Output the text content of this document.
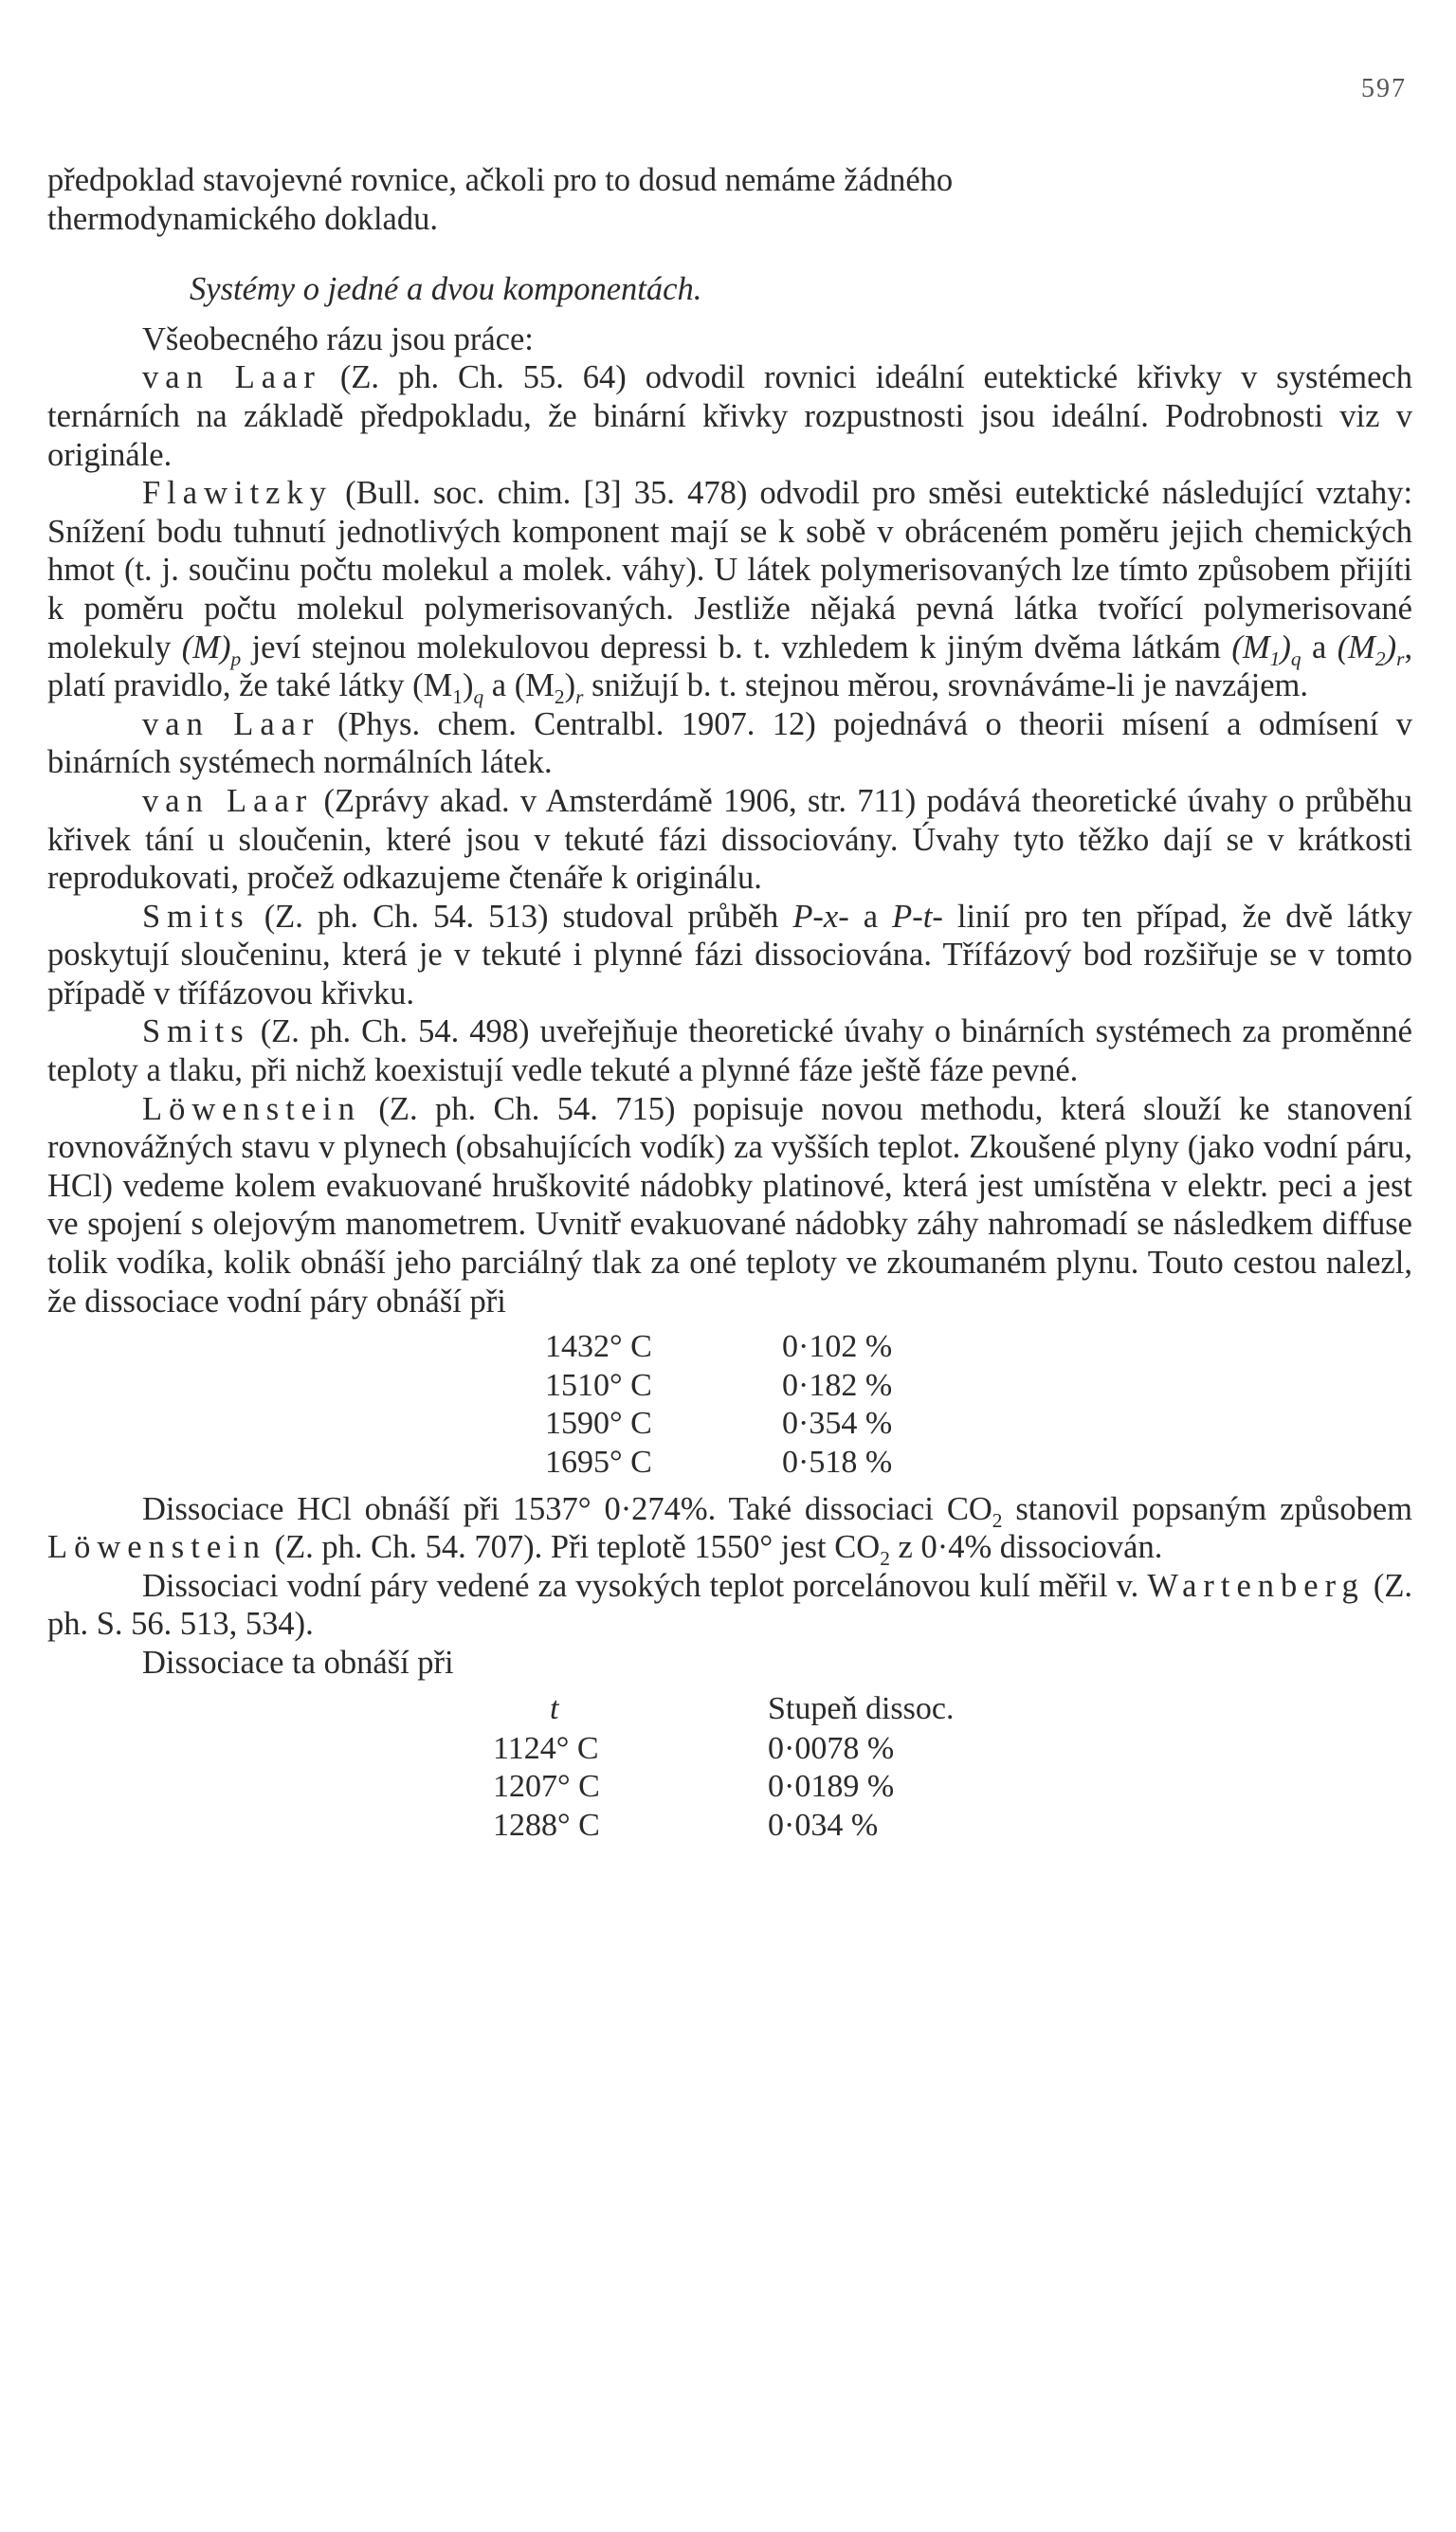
597

předpoklad stavojevné rovnice, ačkoli pro to dosud nemáme žádného

thermodynamického dokladu.

Systémy o jedné a dvou komponentách.

Všeobecného rázu jsou práce:

van Laar (Z. ph. Ch. 55. 64) odvodil rovnici ideální eutektické křivky v systémech ternárních na základě předpokladu, že binární křivky rozpustnosti jsou ideální. Podrobnosti viz v originále.

Flawitzky (Bull. soc. chim. [3] 35. 478) odvodil pro směsi eutektické následující vztahy: Snížení bodu tuhnutí jednotlivých komponent mají se k sobě v obráceném poměru jejich chemických hmot (t. j. součinu počtu molekul a molek. váhy). U látek polymerisovaných lze tímto způsobem přijíti k poměru počtu molekul polymerisovaných. Jestliže nějaká pevná látka tvořící polymerisované molekuly $(M)_p$ jeví stejnou molekulovou depressi b. t. vzhledem k jiným dvěma látkám $(M_1)_q$ a $(M_2)_r$, platí pravidlo, že také látky $(M_1)_q$ a $(M_2)_r$ snižují b. t. stejnou měrou, srovnáváme-li je navzájem.

van Laar (Phys. chem. Centralbl. 1907. 12) pojednává o theorii mísení a odmísení v binárních systémech normálních látek.

van Laar (Zprávy akad. v Amsterdámě 1906, str. 711) podává theoretické úvahy o průběhu křivek tání u sloučenin, které jsou v tekuté fázi dissociovány. Úvahy tyto těžko dají se v krátkosti reprodukovati, pročež odkazujeme čtenáře k originálu.

Smits (Z. ph. Ch. 54. 513) studoval průběh P-x- a P-t- linií pro ten případ, že dvě látky poskytují sloučeninu, která je v tekuté i plynné fázi dissociována. Třífázový bod rozšiřuje se v tomto případě v třífázovou křivku.

Smits (Z. ph. Ch. 54. 498) uveřejňuje theoretické úvahy o binárních systémech za proměnné teploty a tlaku, při nichž koexistují vedle tekuté a plynné fáze ještě fáze pevné.

Löwenstein (Z. ph. Ch. 54. 715) popisuje novou methodu, která slouží ke stanovení rovnovážných stavu v plynech (obsahujících vodík) za vyšších teplot. Zkoušené plyny (jako vodní páru, HCl) vedeme kolem evakuované hruškovité nádobky platinové, která jest umístěna v elektr. peci a jest ve spojení s olejovým manometrem. Uvnitř evakuované nádobky záhy nahromadí se následkem diffuse tolik vodíka, kolik obnáší jeho parciálný tlak za oné teploty ve zkoumaném plynu. Touto cestou nalezl, že dissociace vodní páry obnáší při

1432° C	0·102 %
1510° C	0·182 %
1590° C	0·354 %
1695° C	0·518 %

Dissociace HCl obnáší při 1537° 0·274%. Také dissociaci $CO_2$ stanovil popsaným způsobem Löwenstein (Z. ph. Ch. 54. 707). Při teplotě 1550° jest $CO_2$ z 0·4% dissociován.

Dissociaci vodní páry vedené za vysokých teplot porcelánovou kulí měřil v. Wartenberg (Z. ph. S. 56. 513, 534).

Dissociace ta obnáší při

t	Stupeň dissoc.
1124° C	0·0078 %
1207° C	0·0189 %
1288° C	0·034 %
